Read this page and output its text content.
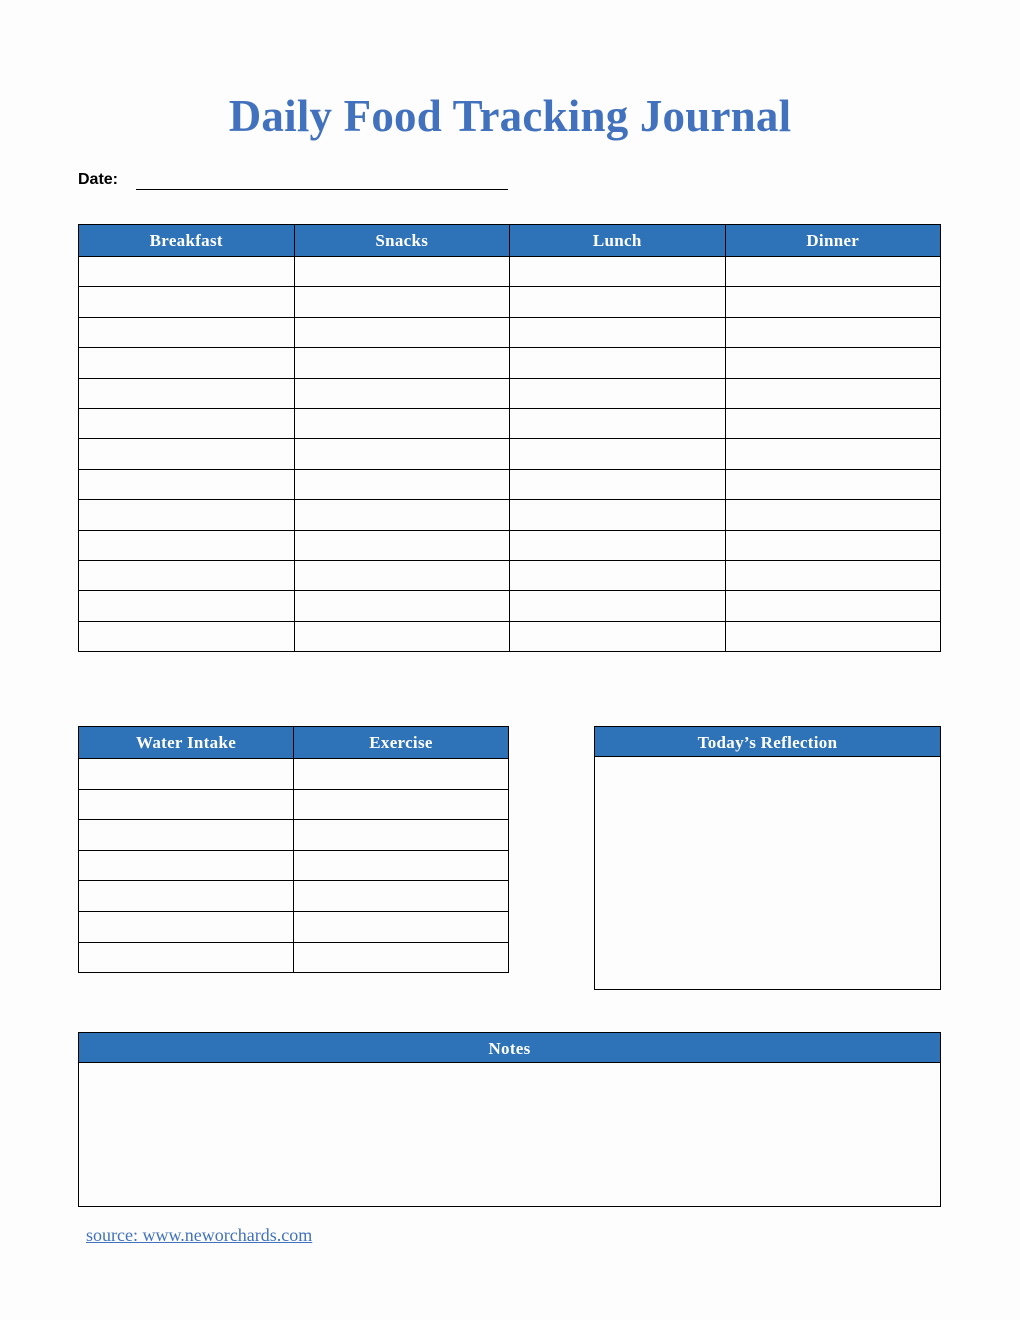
Daily Food Tracking Journal
Date:
Breakfast	Snacks	Lunch	Dinner

Water Intake	Exercise

		Today’s Reflection
Notes
source: www.neworchards.com
